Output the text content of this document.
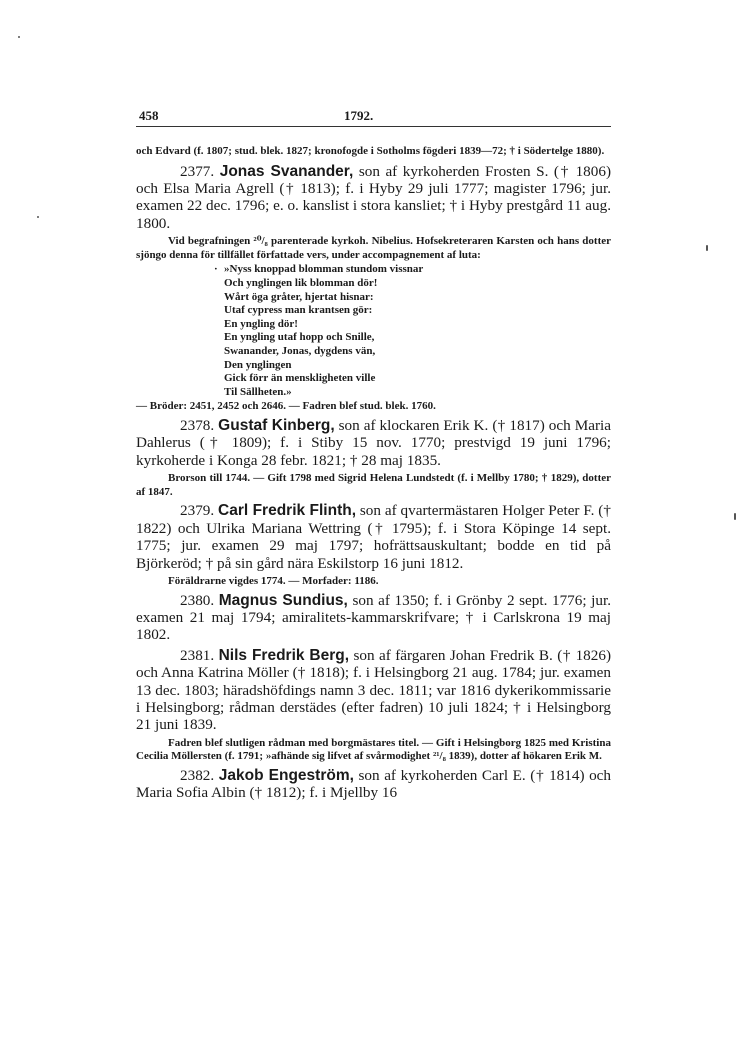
458	1792.

och Edvard (f. 1807; stud. blek. 1827; kronofogde i Sotholms fögderi 1839—72; † i Södertelge 1880).

2377. Jonas Svanander, son af kyrkoherden Frosten S. († 1806) och Elsa Maria Agrell († 1813); f. i Hyby 29 juli 1777; magister 1796; jur. examen 22 dec. 1796; e. o. kanslist i stora kansliet; † i Hyby prestgård 11 aug. 1800.

Vid begrafningen ²⁰/₈ parenterade kyrkoh. Nibelius. Hofsekreteraren Karsten och hans dotter sjöngo denna för tillfället författade vers, under accompagnement af luta:

· »Nyss knoppad blomman stundom vissnar
Och ynglingen lik blomman dör!
Wårt öga gråter, hjertat hisnar:
Utaf cypress man krantsen gör:
En yngling dör!
En yngling utaf hopp och Snille,
Swanander, Jonas, dygdens vän,
Den ynglingen
Gick förr än menskligheten ville
Til Sällheten.»

— Bröder: 2451, 2452 och 2646. — Fadren blef stud. blek. 1760.

2378. Gustaf Kinberg, son af klockaren Erik K. († 1817) och Maria Dahlerus († 1809); f. i Stiby 15 nov. 1770; prestvigd 19 juni 1796; kyrkoherde i Konga 28 febr. 1821; † 28 maj 1835.

Brorson till 1744. — Gift 1798 med Sigrid Helena Lundstedt (f. i Mellby 1780; † 1829), dotter af 1847.

2379. Carl Fredrik Flinth, son af qvartermästaren Holger Peter F. († 1822) och Ulrika Mariana Wettring († 1795); f. i Stora Köpinge 14 sept. 1775; jur. examen 29 maj 1797; hofrättsauskultant; bodde en tid på Björkeröd; † på sin gård nära Eskilstorp 16 juni 1812.

Föräldrarne vigdes 1774. — Morfader: 1186.

2380. Magnus Sundius, son af 1350; f. i Grönby 2 sept. 1776; jur. examen 21 maj 1794; amiralitets-kammarskrifvare; † i Carlskrona 19 maj 1802.

2381. Nils Fredrik Berg, son af färgaren Johan Fredrik B. († 1826) och Anna Katrina Möller († 1818); f. i Helsingborg 21 aug. 1784; jur. examen 13 dec. 1803; häradshöfdings namn 3 dec. 1811; var 1816 dykerikommissarie i Helsingborg; rådman derstädes (efter fadren) 10 juli 1824; † i Helsingborg 21 juni 1839.

Fadren blef slutligen rådman med borgmästares titel. — Gift i Helsingborg 1825 med Kristina Cecilia Möllersten (f. 1791; »afhände sig lifvet af svårmodighet ²¹/₈ 1839), dotter af hökaren Erik M.

2382. Jakob Engeström, son af kyrkoherden Carl E. († 1814) och Maria Sofia Albin († 1812); f. i Mjellby 16
